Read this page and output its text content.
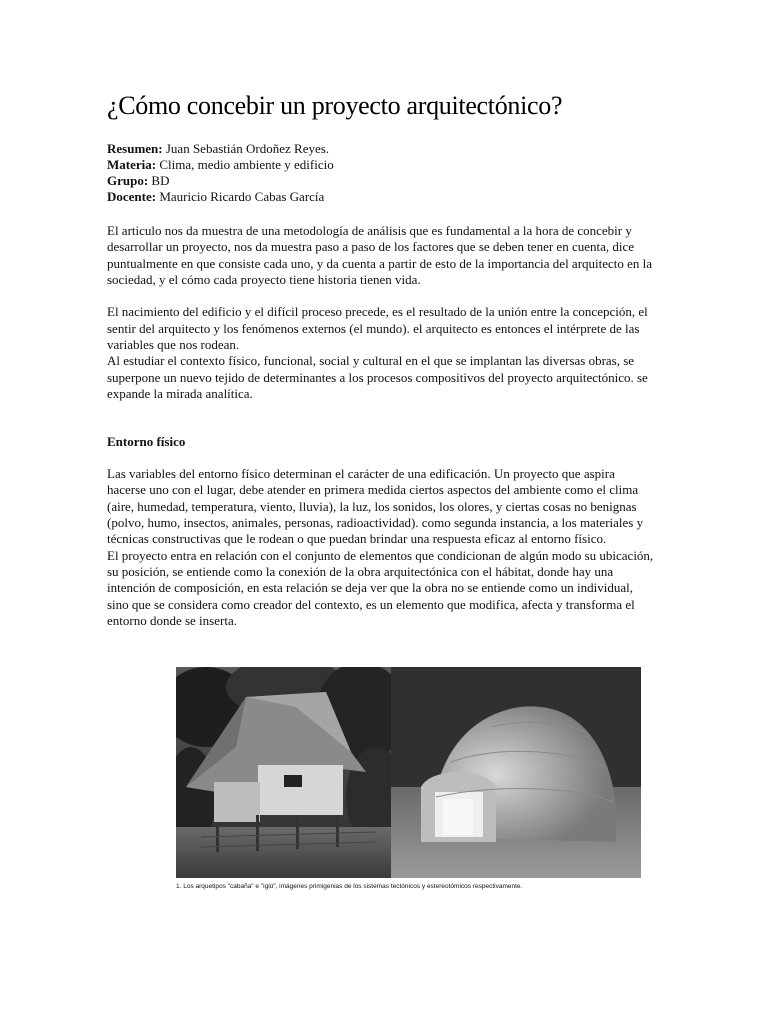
¿Cómo concebir un proyecto arquitectónico?
Resumen: Juan Sebastián Ordoñez Reyes.
Materia: Clima, medio ambiente y edificio
Grupo: BD
Docente: Mauricio Ricardo Cabas García

El articulo nos da muestra de una metodología de análisis que es fundamental a la hora de concebir y desarrollar un proyecto, nos da muestra paso a paso de los factores que se deben tener en cuenta, dice puntualmente en que consiste cada uno, y da cuenta a partir de esto de la importancia del arquitecto en la sociedad, y el cómo cada proyecto tiene historia tienen vida.

El nacimiento del edificio y el difícil proceso precede, es el resultado de la unión entre la concepción, el sentir del arquitecto y los fenómenos externos (el mundo). el arquitecto es entonces el intérprete de las variables que nos rodean.

Al estudiar el contexto físico, funcional, social y cultural en el que se implantan las diversas obras, se superpone un nuevo tejido de determinantes a los procesos compositivos del proyecto arquitectónico. se expande la mirada analítica.

Entorno físico

Las variables del entorno físico determinan el carácter de una edificación. Un proyecto que aspira hacerse uno con el lugar, debe atender en primera medida ciertos aspectos del ambiente como el clima (aire, humedad, temperatura, viento, lluvia), la luz, los sonidos, los olores, y ciertas cosas no benignas (polvo, humo, insectos, animales, personas, radioactividad). como segunda instancia, a los materiales y técnicas constructivas que le rodean o que puedan brindar una respuesta eficaz al entorno físico.

El proyecto entra en relación con el conjunto de elementos que condicionan de algún modo su ubicación, su posición, se entiende como la conexión de la obra arquitectónica con el hábitat, donde hay una intención de composición, en esta relación se deja ver que la obra no se entiende como un individual, sino que se considera como creador del contexto, es un elemento que modifica, afecta y transforma el entorno donde se inserta.

1. Los arquetipos "cabaña" e "iglú", imágenes primigenias de los sistemas tectónicos y estereotómicos respectivamente.
